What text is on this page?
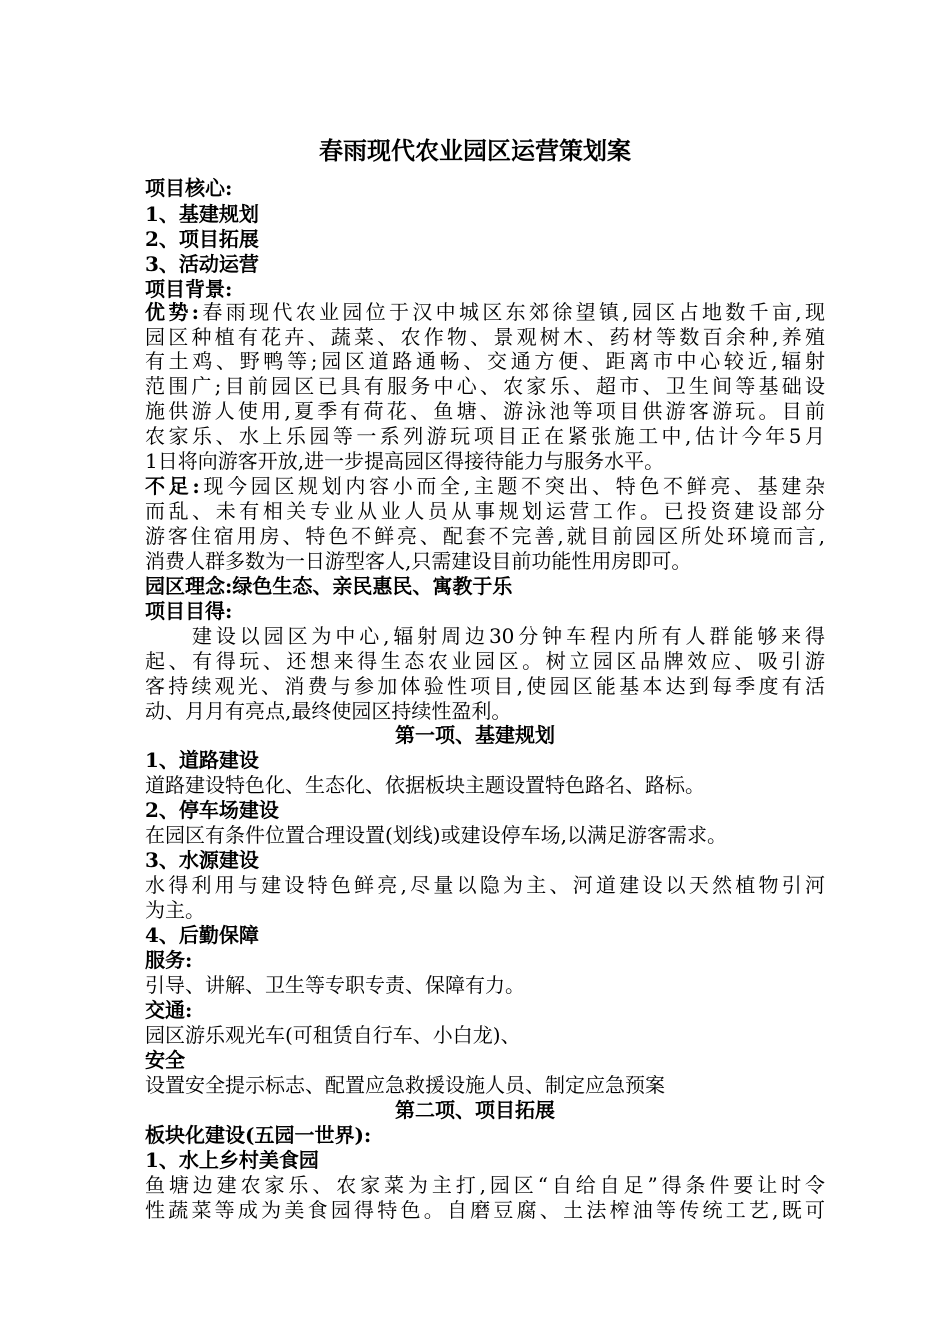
春雨现代农业园区运营策划案
项目核心:
1、基建规划
2、项目拓展
3、活动运营
项目背景:
优势:春雨现代农业园位于汉中城区东郊徐望镇,园区占地数千亩,现
园区种植有花卉、蔬菜、农作物、景观树木、药材等数百余种,养殖
有土鸡、野鸭等;园区道路通畅、交通方便、距离市中心较近,辐射
范围广;目前园区已具有服务中心、农家乐、超市、卫生间等基础设
施供游人使用,夏季有荷花、鱼塘、游泳池等项目供游客游玩。目前
农家乐、水上乐园等一系列游玩项目正在紧张施工中,估计今年5月
1日将向游客开放,进一步提高园区得接待能力与服务水平。
不足:现今园区规划内容小而全,主题不突出、特色不鲜亮、基建杂
而乱、未有相关专业从业人员从事规划运营工作。已投资建设部分
游客住宿用房、特色不鲜亮、配套不完善,就目前园区所处环境而言,
消费人群多数为一日游型客人,只需建设目前功能性用房即可。
园区理念:绿色生态、亲民惠民、寓教于乐
项目目得:
建设以园区为中心,辐射周边30分钟车程内所有人群能够来得
起、有得玩、还想来得生态农业园区。树立园区品牌效应、吸引游
客持续观光、消费与参加体验性项目,使园区能基本达到每季度有活
动、月月有亮点,最终使园区持续性盈利。
第一项、基建规划
1、道路建设
道路建设特色化、生态化、依据板块主题设置特色路名、路标。
2、停车场建设
在园区有条件位置合理设置(划线)或建设停车场,以满足游客需求。
3、水源建设
水得利用与建设特色鲜亮,尽量以隐为主、河道建设以天然植物引河
为主。
4、后勤保障
服务:
引导、讲解、卫生等专职专责、保障有力。
交通:
园区游乐观光车(可租赁自行车、小白龙)、
安全
设置安全提示标志、配置应急救援设施人员、制定应急预案
第二项、项目拓展
板块化建设(五园一世界):
1、水上乡村美食园
鱼塘边建农家乐、农家菜为主打,园区“自给自足”得条件要让时令
性蔬菜等成为美食园得特色。自磨豆腐、土法榨油等传统工艺,既可
